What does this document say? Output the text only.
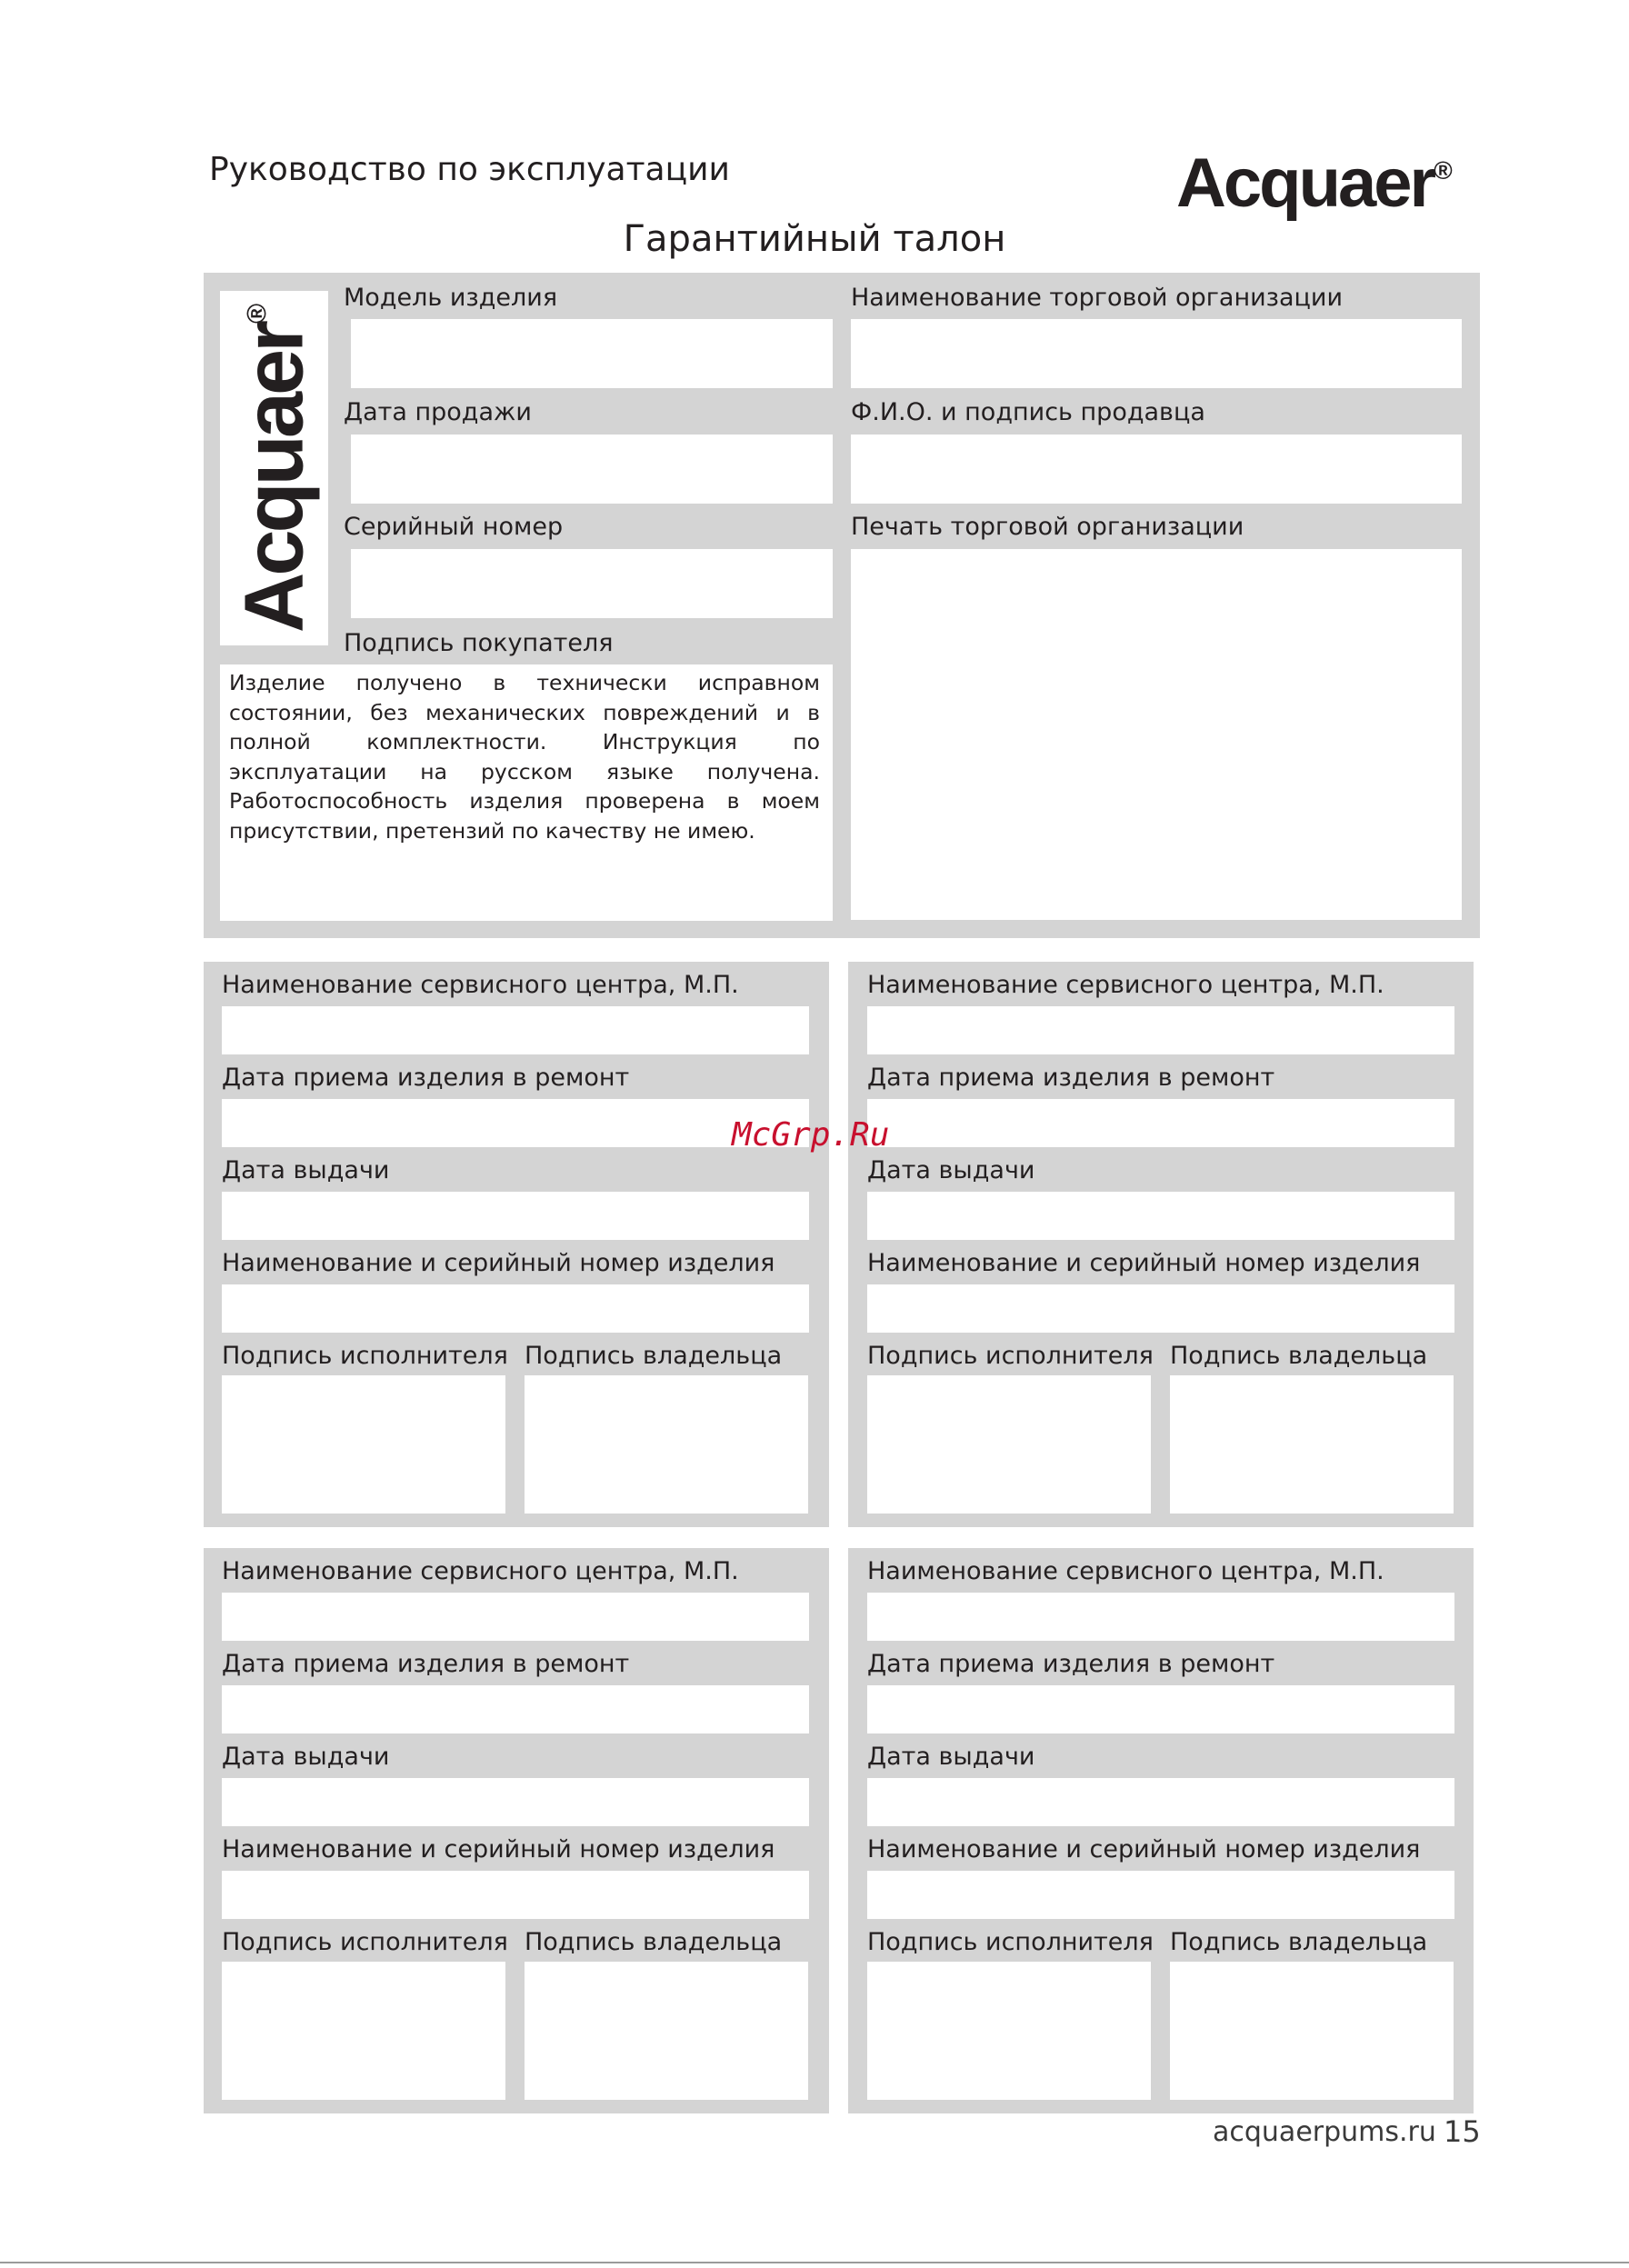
Руководство по эксплуатации	Acquaer®
Гарантийный талон
Acquaer®
Модель изделия
Дата продажи
Серийный номер
Подпись покупателя
Изделие получено в технически исправном состоянии, без механических повреждений и в полной комплектности. Инструкция по эксплуатации на русском языке получена. Работоспособность изделия проверена в моем присутствии, претензий по качеству не имею.
Наименование торговой организации
Ф.И.О. и подпись продавца
Печать торговой организации
Наименование сервисного центра, М.П.
Дата приема изделия в ремонт
Дата выдачи
Наименование и серийный номер изделия
Подпись исполнителя Подпись владельца
Наименование сервисного центра, М.П.
Дата приема изделия в ремонт
Дата выдачи
Наименование и серийный номер изделия
Подпись исполнителя Подпись владельца
Наименование сервисного центра, М.П.
Дата приема изделия в ремонт
Дата выдачи
Наименование и серийный номер изделия
Подпись исполнителя Подпись владельца
Наименование сервисного центра, М.П.
Дата приема изделия в ремонт
Дата выдачи
Наименование и серийный номер изделия
Подпись исполнителя Подпись владельца
McGrp.Ru
acquaerpums.ru 15
